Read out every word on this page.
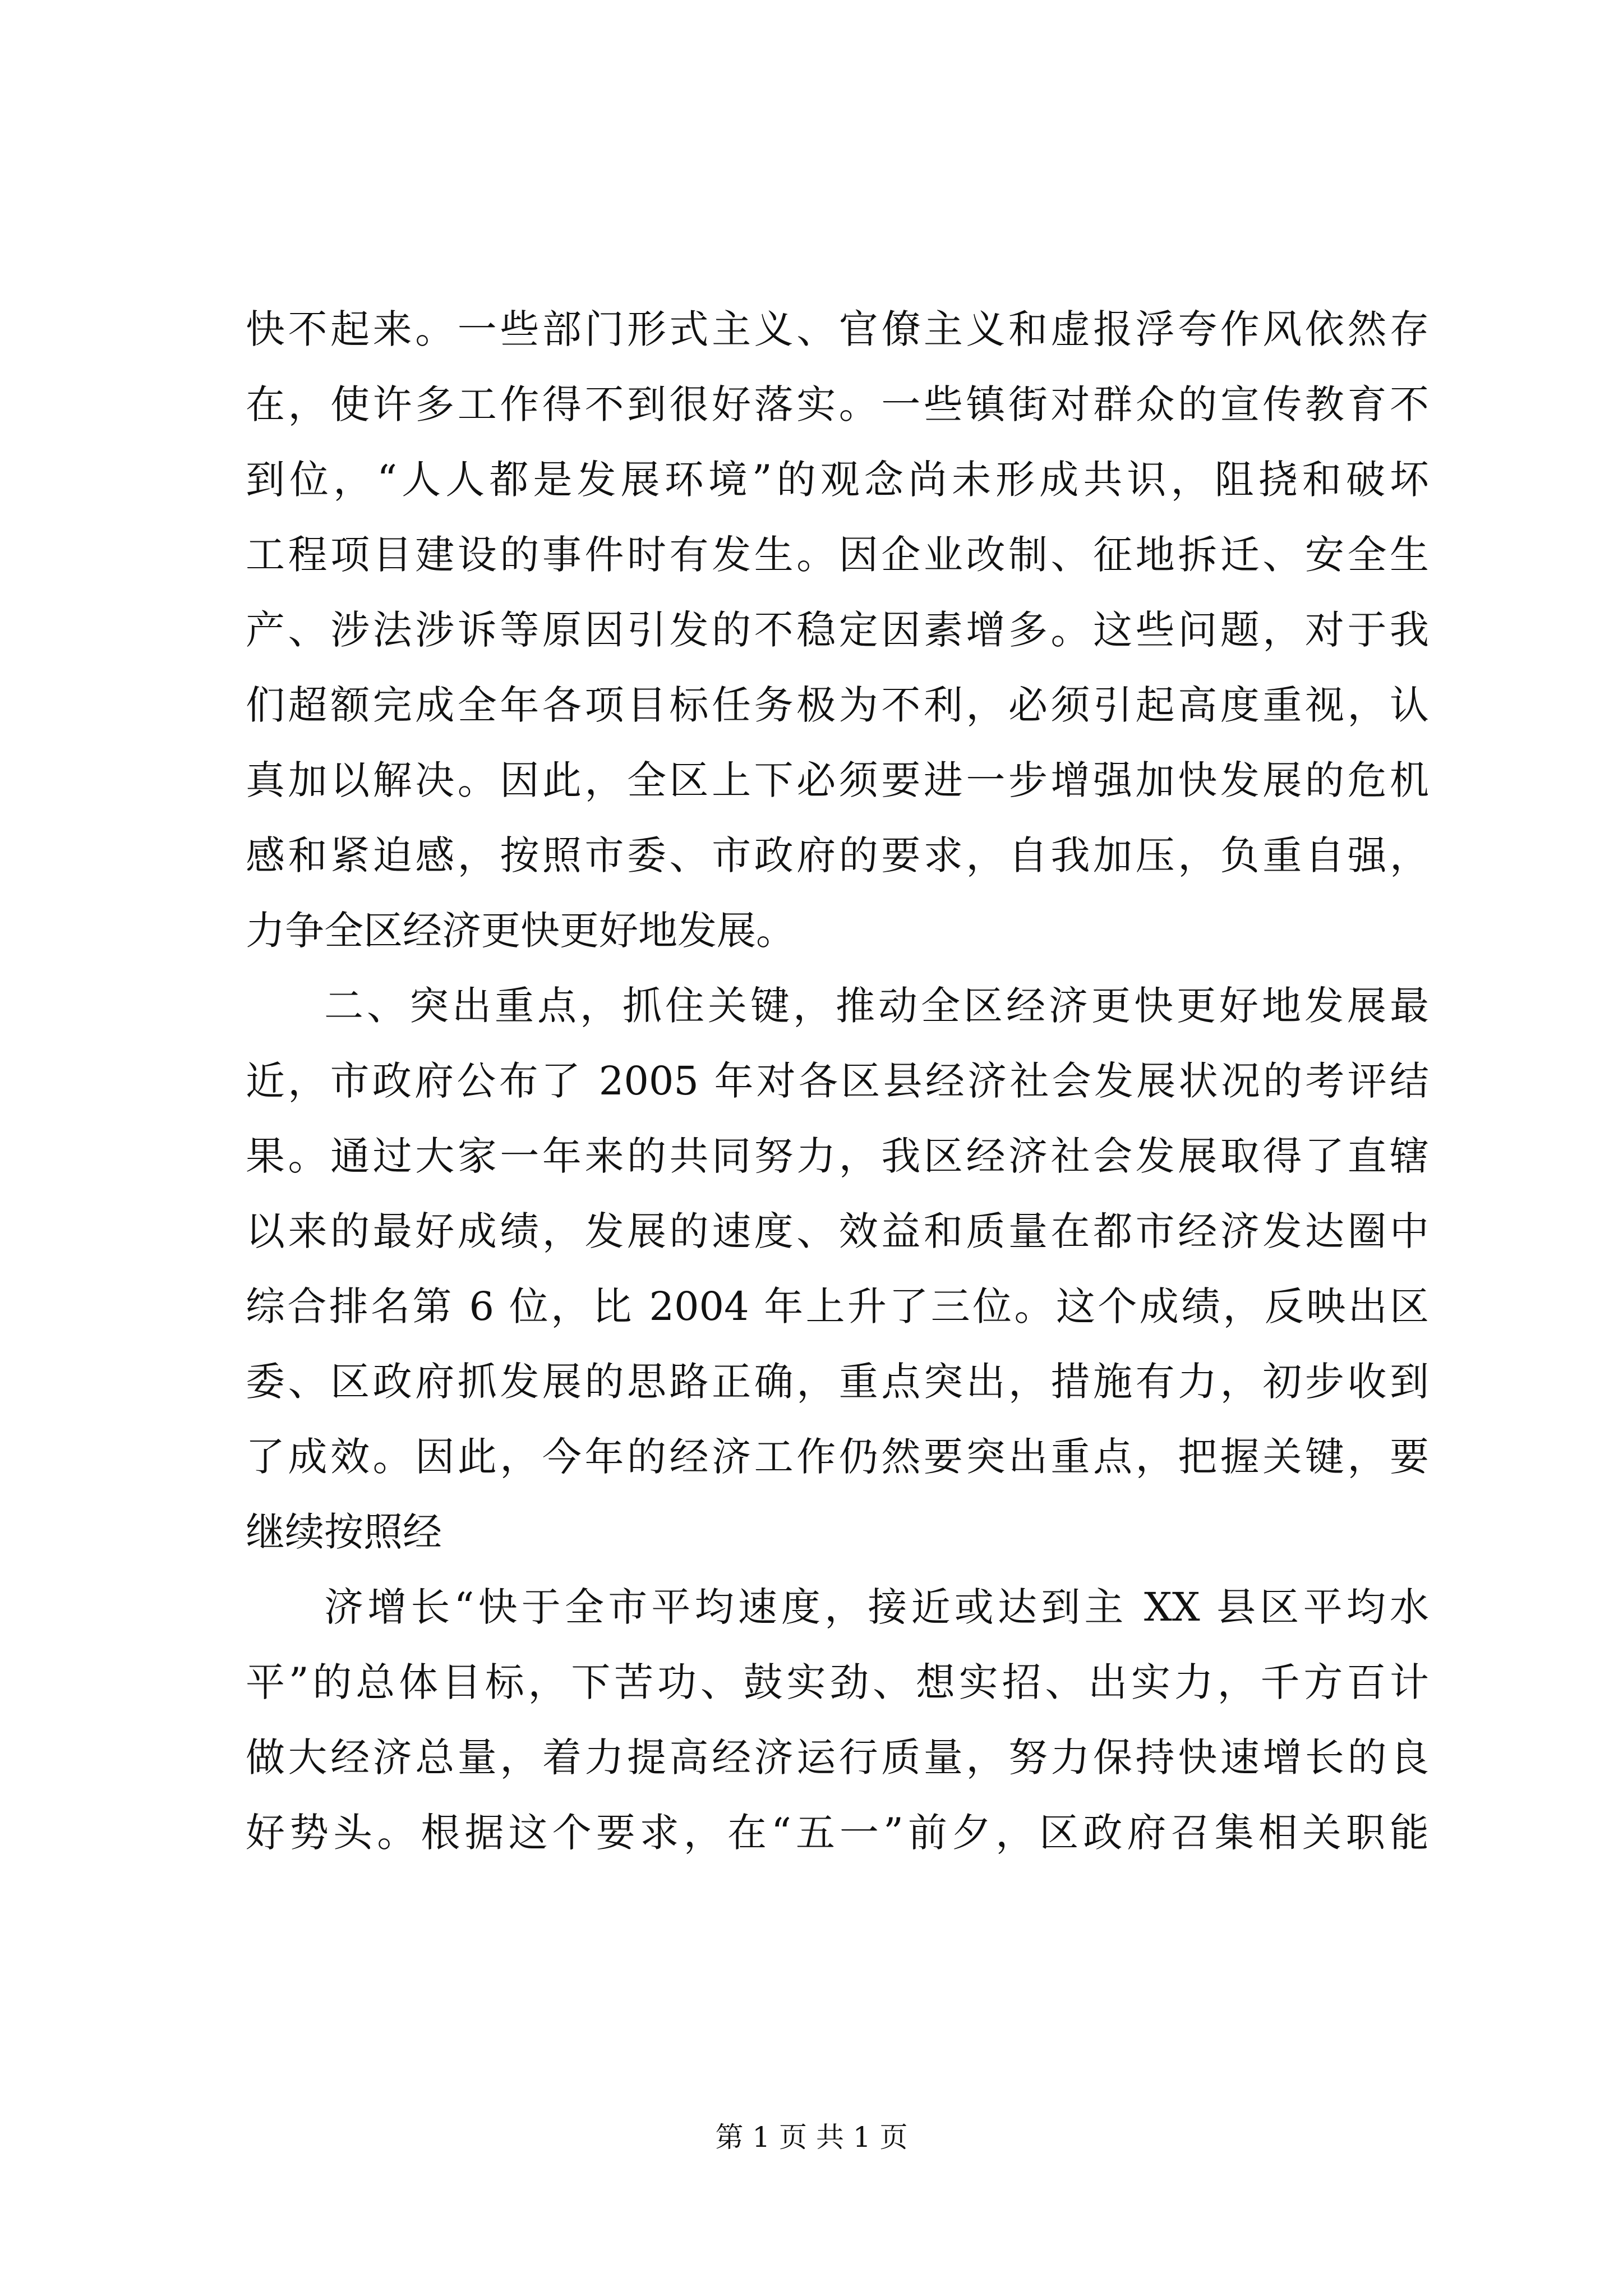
快不起来。一些部门形式主义、官僚主义和虚报浮夸作风依然存
在，使许多工作得不到很好落实。一些镇街对群众的宣传教育不
到位，“人人都是发展环境”的观念尚未形成共识，阻挠和破坏
工程项目建设的事件时有发生。因企业改制、征地拆迁、安全生
产、涉法涉诉等原因引发的不稳定因素增多。这些问题，对于我
们超额完成全年各项目标任务极为不利，必须引起高度重视，认
真加以解决。因此，全区上下必须要进一步增强加快发展的危机
感和紧迫感，按照市委、市政府的要求，自我加压，负重自强，
力争全区经济更快更好地发展。
二、突出重点，抓住关键，推动全区经济更快更好地发展最
近，市政府公布了 2005 年对各区县经济社会发展状况的考评结
果。通过大家一年来的共同努力，我区经济社会发展取得了直辖
以来的最好成绩，发展的速度、效益和质量在都市经济发达圈中
综合排名第 6 位，比 2004 年上升了三位。这个成绩，反映出区
委、区政府抓发展的思路正确，重点突出，措施有力，初步收到
了成效。因此，今年的经济工作仍然要突出重点，把握关键，要
继续按照经
济增长“快于全市平均速度，接近或达到主 XX 县区平均水
平”的总体目标，下苦功、鼓实劲、想实招、出实力，千方百计
做大经济总量，着力提高经济运行质量，努力保持快速增长的良
好势头。根据这个要求，在“五一”前夕，区政府召集相关职能
第 1 页 共 1 页
